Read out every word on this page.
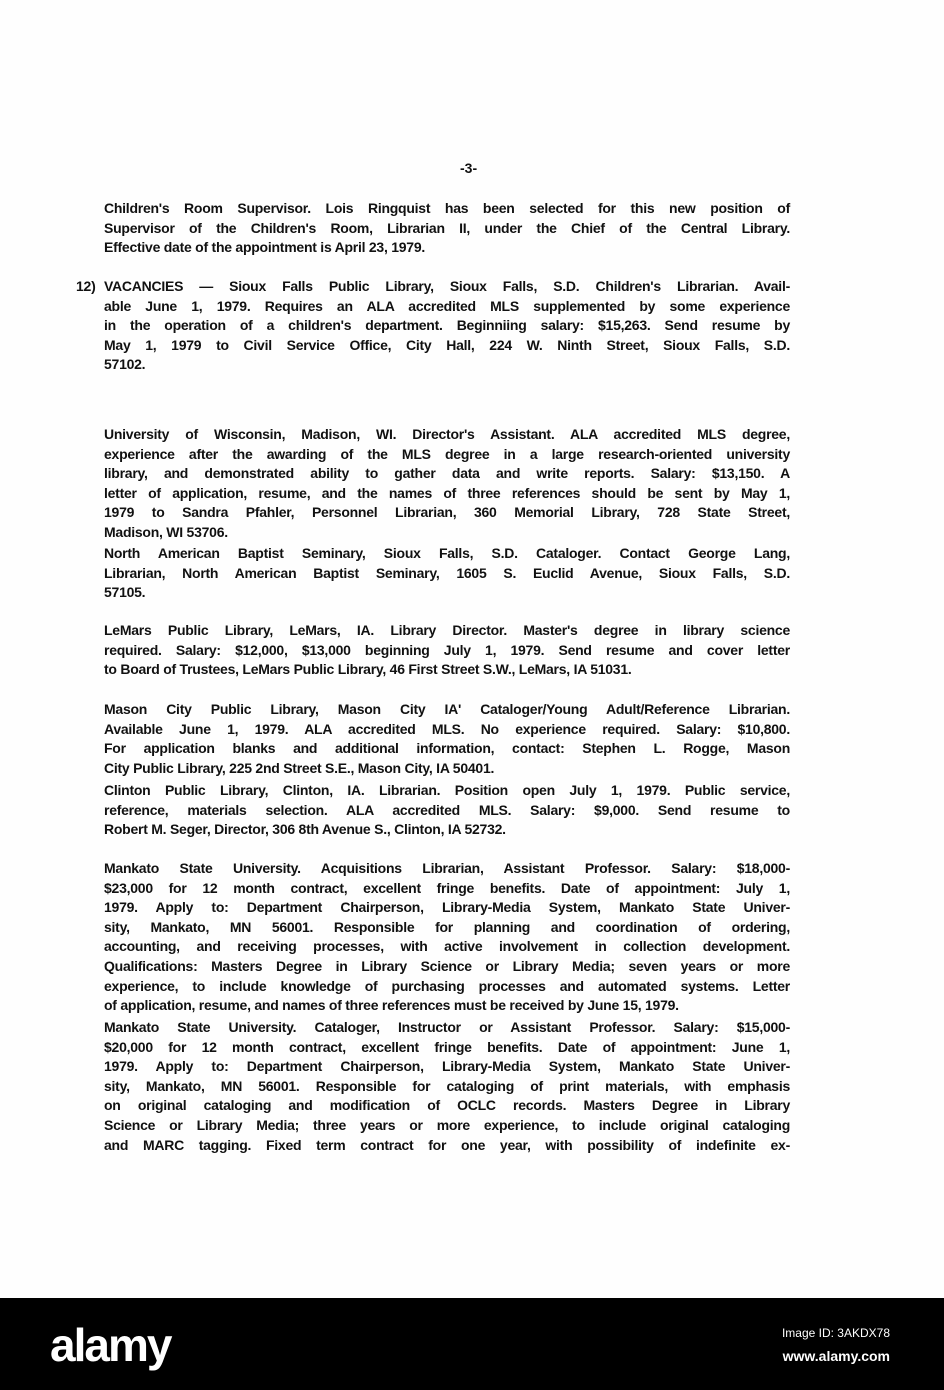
-3-
12)
Children's Room Supervisor. Lois Ringquist has been selected for this new position of
Supervisor of the Children's Room, Librarian II, under the Chief of the Central Library.
Effective date of the appointment is April 23, 1979.
VACANCIES — Sioux Falls Public Library, Sioux Falls, S.D. Children's Librarian. Avail-
able June 1, 1979. Requires an ALA accredited MLS supplemented by some experience
in the operation of a children's department. Beginniing salary: $15,263. Send resume by
May 1, 1979 to Civil Service Office, City Hall, 224 W. Ninth Street, Sioux Falls, S.D.
57102.
University of Wisconsin, Madison, WI. Director's Assistant. ALA accredited MLS degree,
experience after the awarding of the MLS degree in a large research-oriented university
library, and demonstrated ability to gather data and write reports. Salary: $13,150. A
letter of application, resume, and the names of three references should be sent by May 1,
1979 to Sandra Pfahler, Personnel Librarian, 360 Memorial Library, 728 State Street,
Madison, WI 53706.
North American Baptist Seminary, Sioux Falls, S.D. Cataloger. Contact George Lang,
Librarian, North American Baptist Seminary, 1605 S. Euclid Avenue, Sioux Falls, S.D.
57105.
LeMars Public Library, LeMars, IA. Library Director. Master's degree in library science
required. Salary: $12,000, $13,000 beginning July 1, 1979. Send resume and cover letter
to Board of Trustees, LeMars Public Library, 46 First Street S.W., LeMars, IA 51031.
Mason City Public Library, Mason City IA' Cataloger/Young Adult/Reference Librarian.
Available June 1, 1979. ALA accredited MLS. No experience required. Salary: $10,800.
For application blanks and additional information, contact: Stephen L. Rogge, Mason
City Public Library, 225 2nd Street S.E., Mason City, IA 50401.
Clinton Public Library, Clinton, IA. Librarian. Position open July 1, 1979. Public service,
reference, materials selection. ALA accredited MLS. Salary: $9,000. Send resume to
Robert M. Seger, Director, 306 8th Avenue S., Clinton, IA 52732.
Mankato State University. Acquisitions Librarian, Assistant Professor. Salary: $18,000-
$23,000 for 12 month contract, excellent fringe benefits. Date of appointment: July 1,
1979. Apply to: Department Chairperson, Library-Media System, Mankato State Univer-
sity, Mankato, MN 56001. Responsible for planning and coordination of ordering,
accounting, and receiving processes, with active involvement in collection development.
Qualifications: Masters Degree in Library Science or Library Media; seven years or more
experience, to include knowledge of purchasing processes and automated systems. Letter
of application, resume, and names of three references must be received by June 15, 1979.
Mankato State University. Cataloger, Instructor or Assistant Professor. Salary: $15,000-
$20,000 for 12 month contract, excellent fringe benefits. Date of appointment: June 1,
1979. Apply to: Department Chairperson, Library-Media System, Mankato State Univer-
sity, Mankato, MN 56001. Responsible for cataloging of print materials, with emphasis
on original cataloging and modification of OCLC records. Masters Degree in Library
Science or Library Media; three years or more experience, to include original cataloging
and MARC tagging. Fixed term contract for one year, with possibility of indefinite ex-
alamy	Image ID: 3AKDX78
www.alamy.com
